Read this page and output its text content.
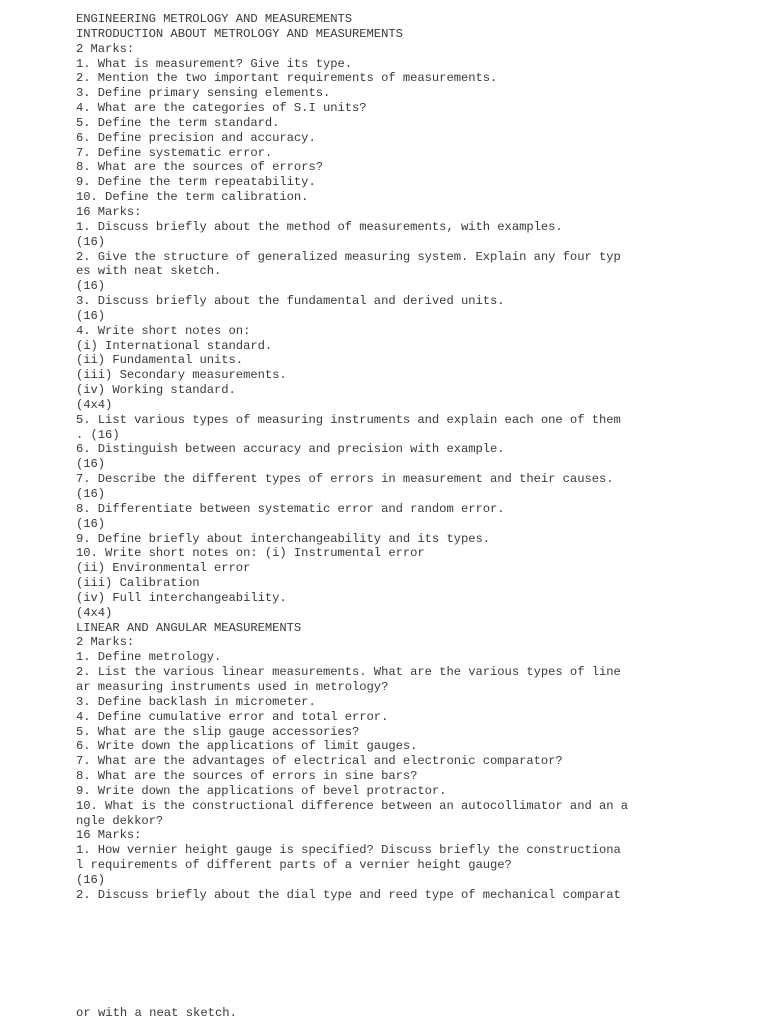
ENGINEERING METROLOGY AND MEASUREMENTS
INTRODUCTION ABOUT METROLOGY AND MEASUREMENTS
2 Marks:
1. What is measurement? Give its type.
2. Mention the two important requirements of measurements.
3. Define primary sensing elements.
4. What are the categories of S.I units?
5. Define the term standard.
6. Define precision and accuracy.
7. Define systematic error.
8. What are the sources of errors?
9. Define the term repeatability.
10. Define the term calibration.
16 Marks:
1. Discuss briefly about the method of measurements, with examples.
(16)
2. Give the structure of generalized measuring system. Explain any four typ
es with neat sketch.
(16)
3. Discuss briefly about the fundamental and derived units.
(16)
4. Write short notes on:
(i) International standard.
(ii) Fundamental units.
(iii) Secondary measurements.
(iv) Working standard.
(4x4)
5. List various types of measuring instruments and explain each one of them
. (16)
6. Distinguish between accuracy and precision with example.
(16)
7. Describe the different types of errors in measurement and their causes.
(16)
8. Differentiate between systematic error and random error.
(16)
9. Define briefly about interchangeability and its types.
10. Write short notes on: (i) Instrumental error
(ii) Environmental error
(iii) Calibration
(iv) Full interchangeability.
(4x4)
LINEAR AND ANGULAR MEASUREMENTS
2 Marks:
1. Define metrology.
2. List the various linear measurements. What are the various types of line
ar measuring instruments used in metrology?
3. Define backlash in micrometer.
4. Define cumulative error and total error.
5. What are the slip gauge accessories?
6. Write down the applications of limit gauges.
7. What are the advantages of electrical and electronic comparator?
8. What are the sources of errors in sine bars?
9. Write down the applications of bevel protractor.
10. What is the constructional difference between an autocollimator and an a
ngle dekkor?
16 Marks:
1. How vernier height gauge is specified? Discuss briefly the constructiona
l requirements of different parts of a vernier height gauge?
(16)
2. Discuss briefly about the dial type and reed type of mechanical comparat
or with a neat sketch.
